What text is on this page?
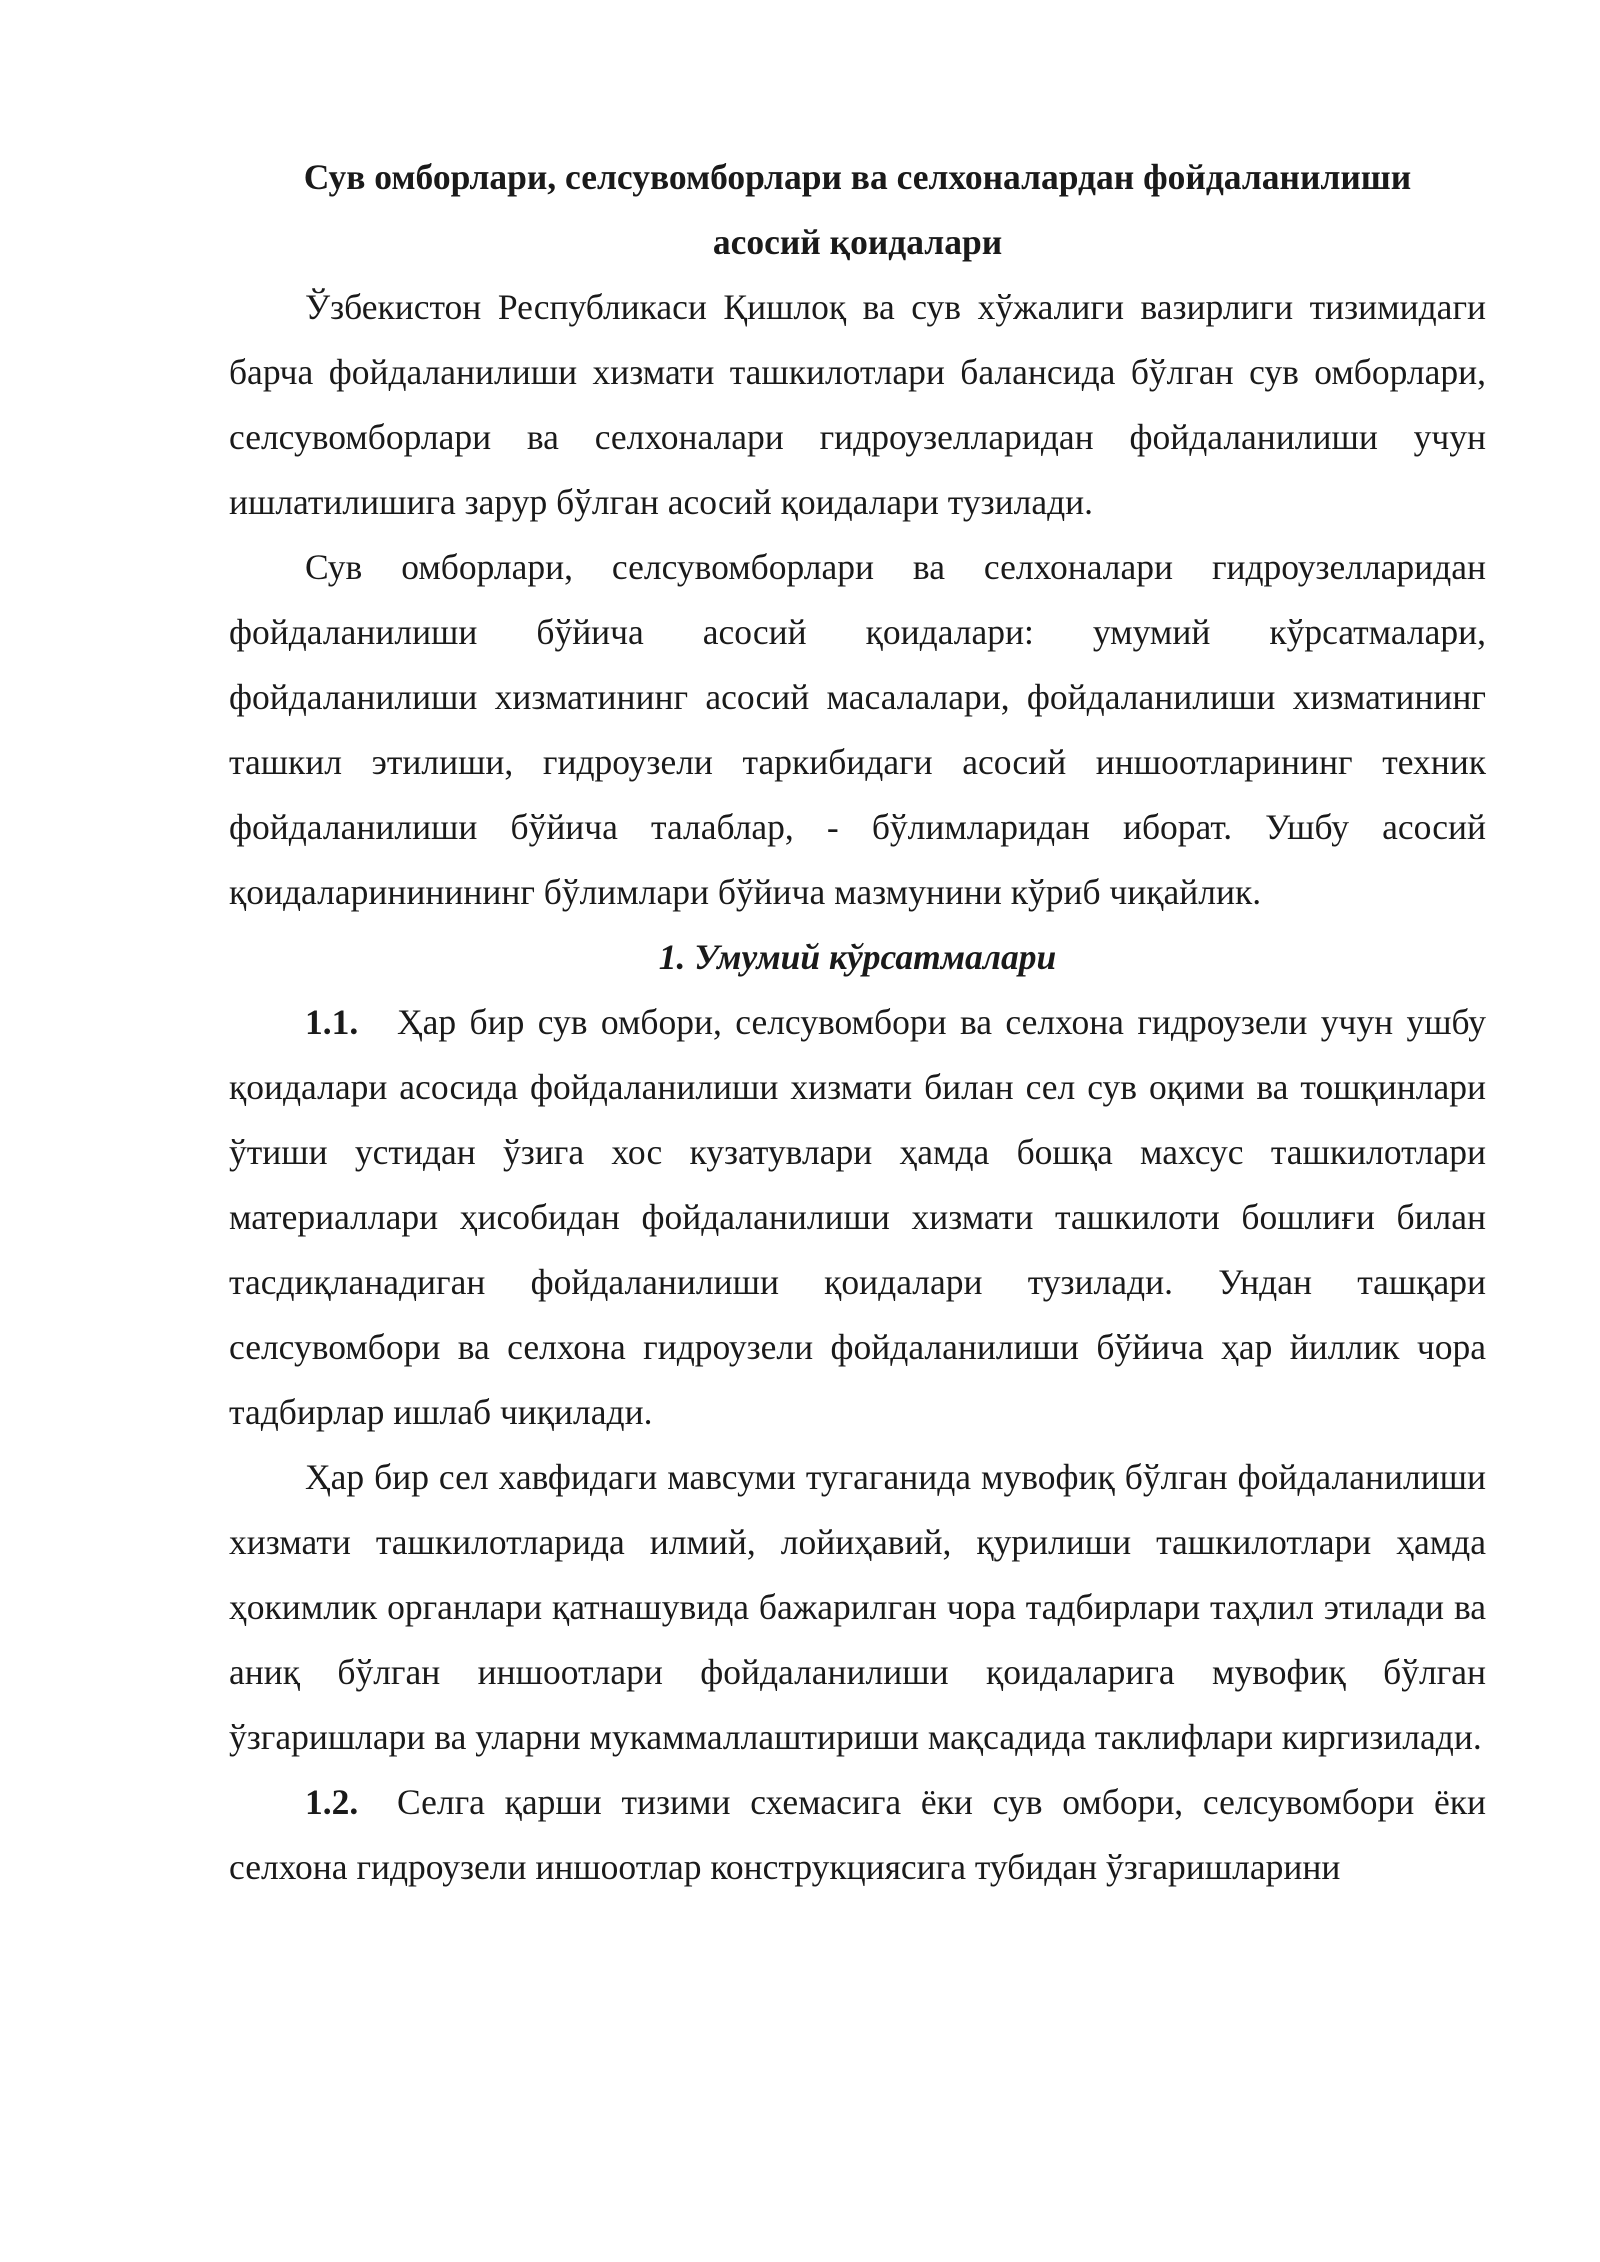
Сув омборлари, селсувомборлари ва селхоналардан фойдаланилиши
асосий қоидалари

Ўзбекистон Республикаси Қишлоқ ва сув хўжалиги вазирлиги тизимидаги барча фойдаланилиши хизмати ташкилотлари балансида бўлган сув омборлари, селсувомборлари ва селхоналари гидроузелларидан фойдаланилиши учун ишлатилишига зарур бўлган асосий қоидалари тузилади.

Сув омборлари, селсувомборлари ва селхоналари гидроузелларидан фойдаланилиши бўйича асосий қоидалари: умумий кўрсатмалари, фойдаланилиши хизматининг асосий масалалари, фойдаланилиши хизматининг ташкил этилиши, гидроузели таркибидаги асосий иншоотларининг техник фойдаланилиши бўйича талаблар, - бўлимларидан иборат. Ушбу асосий қоидаларининининг бўлимлари бўйича мазмунини кўриб чиқайлик.

1. Умумий кўрсатмалари

1.1. Ҳар бир сув омбори, селсувомбори ва селхона гидроузели учун ушбу қоидалари асосида фойдаланилиши хизмати билан сел сув оқими ва тошқинлари ўтиши устидан ўзига хос кузатувлари ҳамда бошқа махсус ташкилотлари материаллари ҳисобидан фойдаланилиши хизмати ташкилоти бошлиғи билан тасдиқланадиган фойдаланилиши қоидалари тузилади. Ундан ташқари селсувомбори ва селхона гидроузели фойдаланилиши бўйича ҳар йиллик чора тадбирлар ишлаб чиқилади.

Ҳар бир сел хавфидаги мавсуми тугаганида мувофиқ бўлган фойдаланилиши хизмати ташкилотларида илмий, лойиҳавий, қурилиши ташкилотлари ҳамда ҳокимлик органлари қатнашувида бажарилган чора тадбирлари таҳлил этилади ва аниқ бўлган иншоотлари фойдаланилиши қоидаларига мувофиқ бўлган ўзгаришлари ва уларни мукаммаллаштириши мақсадида таклифлари киргизилади.

1.2. Селга қарши тизими схемасига ёки сув омбори, селсувомбори ёки селхона гидроузели иншоотлар конструкциясига тубидан ўзгаришларини
